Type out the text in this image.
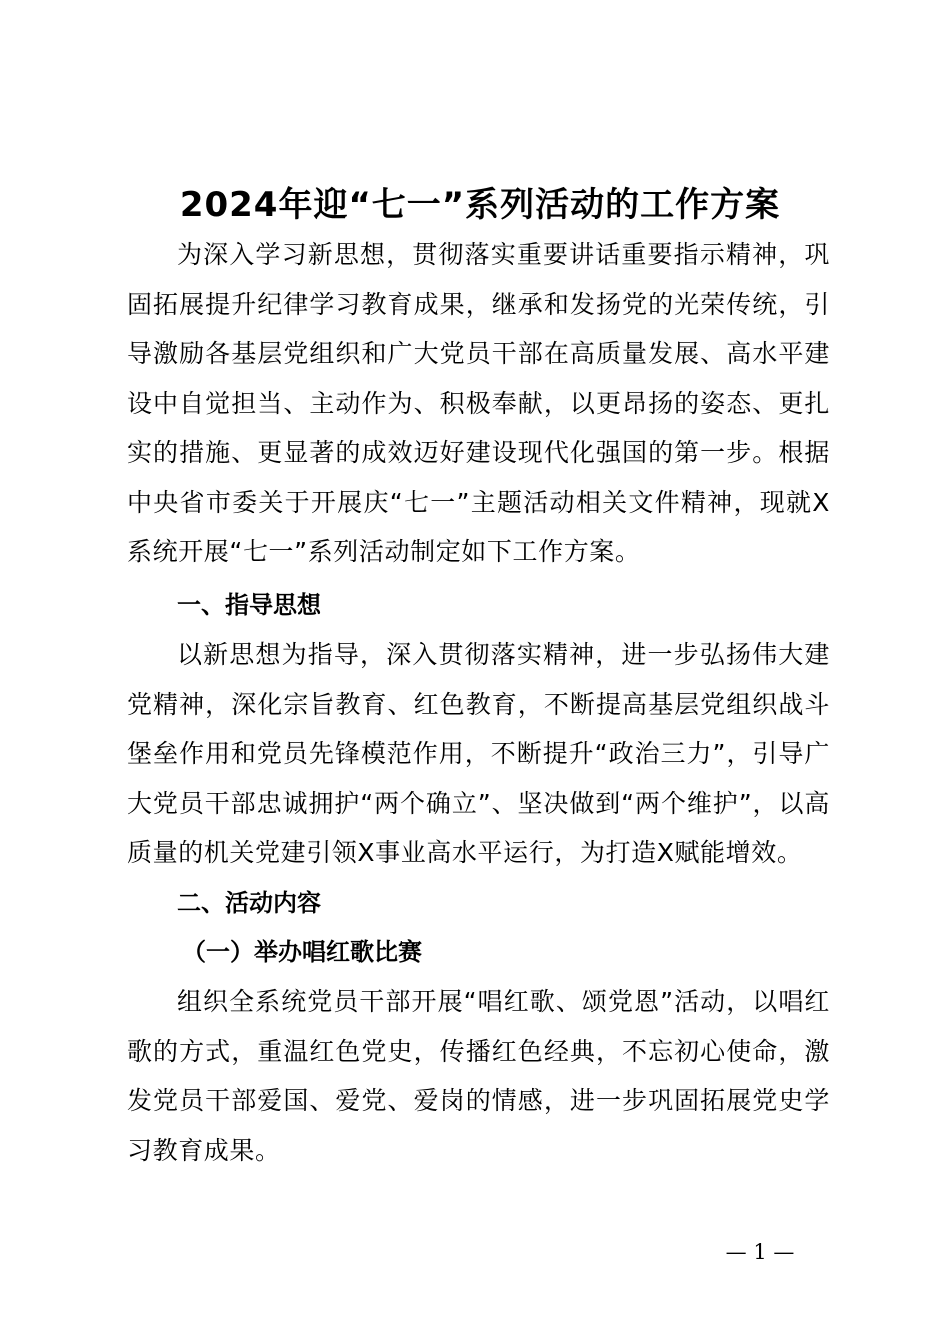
2024年迎“七一”系列活动的工作方案
为深入学习新思想，贯彻落实重要讲话重要指示精神，巩固拓展提升纪律学习教育成果，继承和发扬党的光荣传统，引导激励各基层党组织和广大党员干部在高质量发展、高水平建设中自觉担当、主动作为、积极奉献，以更昂扬的姿态、更扎实的措施、更显著的成效迈好建设现代化强国的第一步。根据中央省市委关于开展庆“七一”主题活动相关文件精神，现就X系统开展“七一”系列活动制定如下工作方案。
一、指导思想
以新思想为指导，深入贯彻落实精神，进一步弘扬伟大建党精神，深化宗旨教育、红色教育，不断提高基层党组织战斗堡垒作用和党员先锋模范作用，不断提升“政治三力”，引导广大党员干部忠诚拥护“两个确立”、坚决做到“两个维护”，以高质量的机关党建引领X事业高水平运行，为打造X赋能增效。
二、活动内容
（一）举办唱红歌比赛
组织全系统党员干部开展“唱红歌、颂党恩”活动，以唱红歌的方式，重温红色党史，传播红色经典，不忘初心使命，激发党员干部爱国、爱党、爱岗的情感，进一步巩固拓展党史学习教育成果。
— 1 —
